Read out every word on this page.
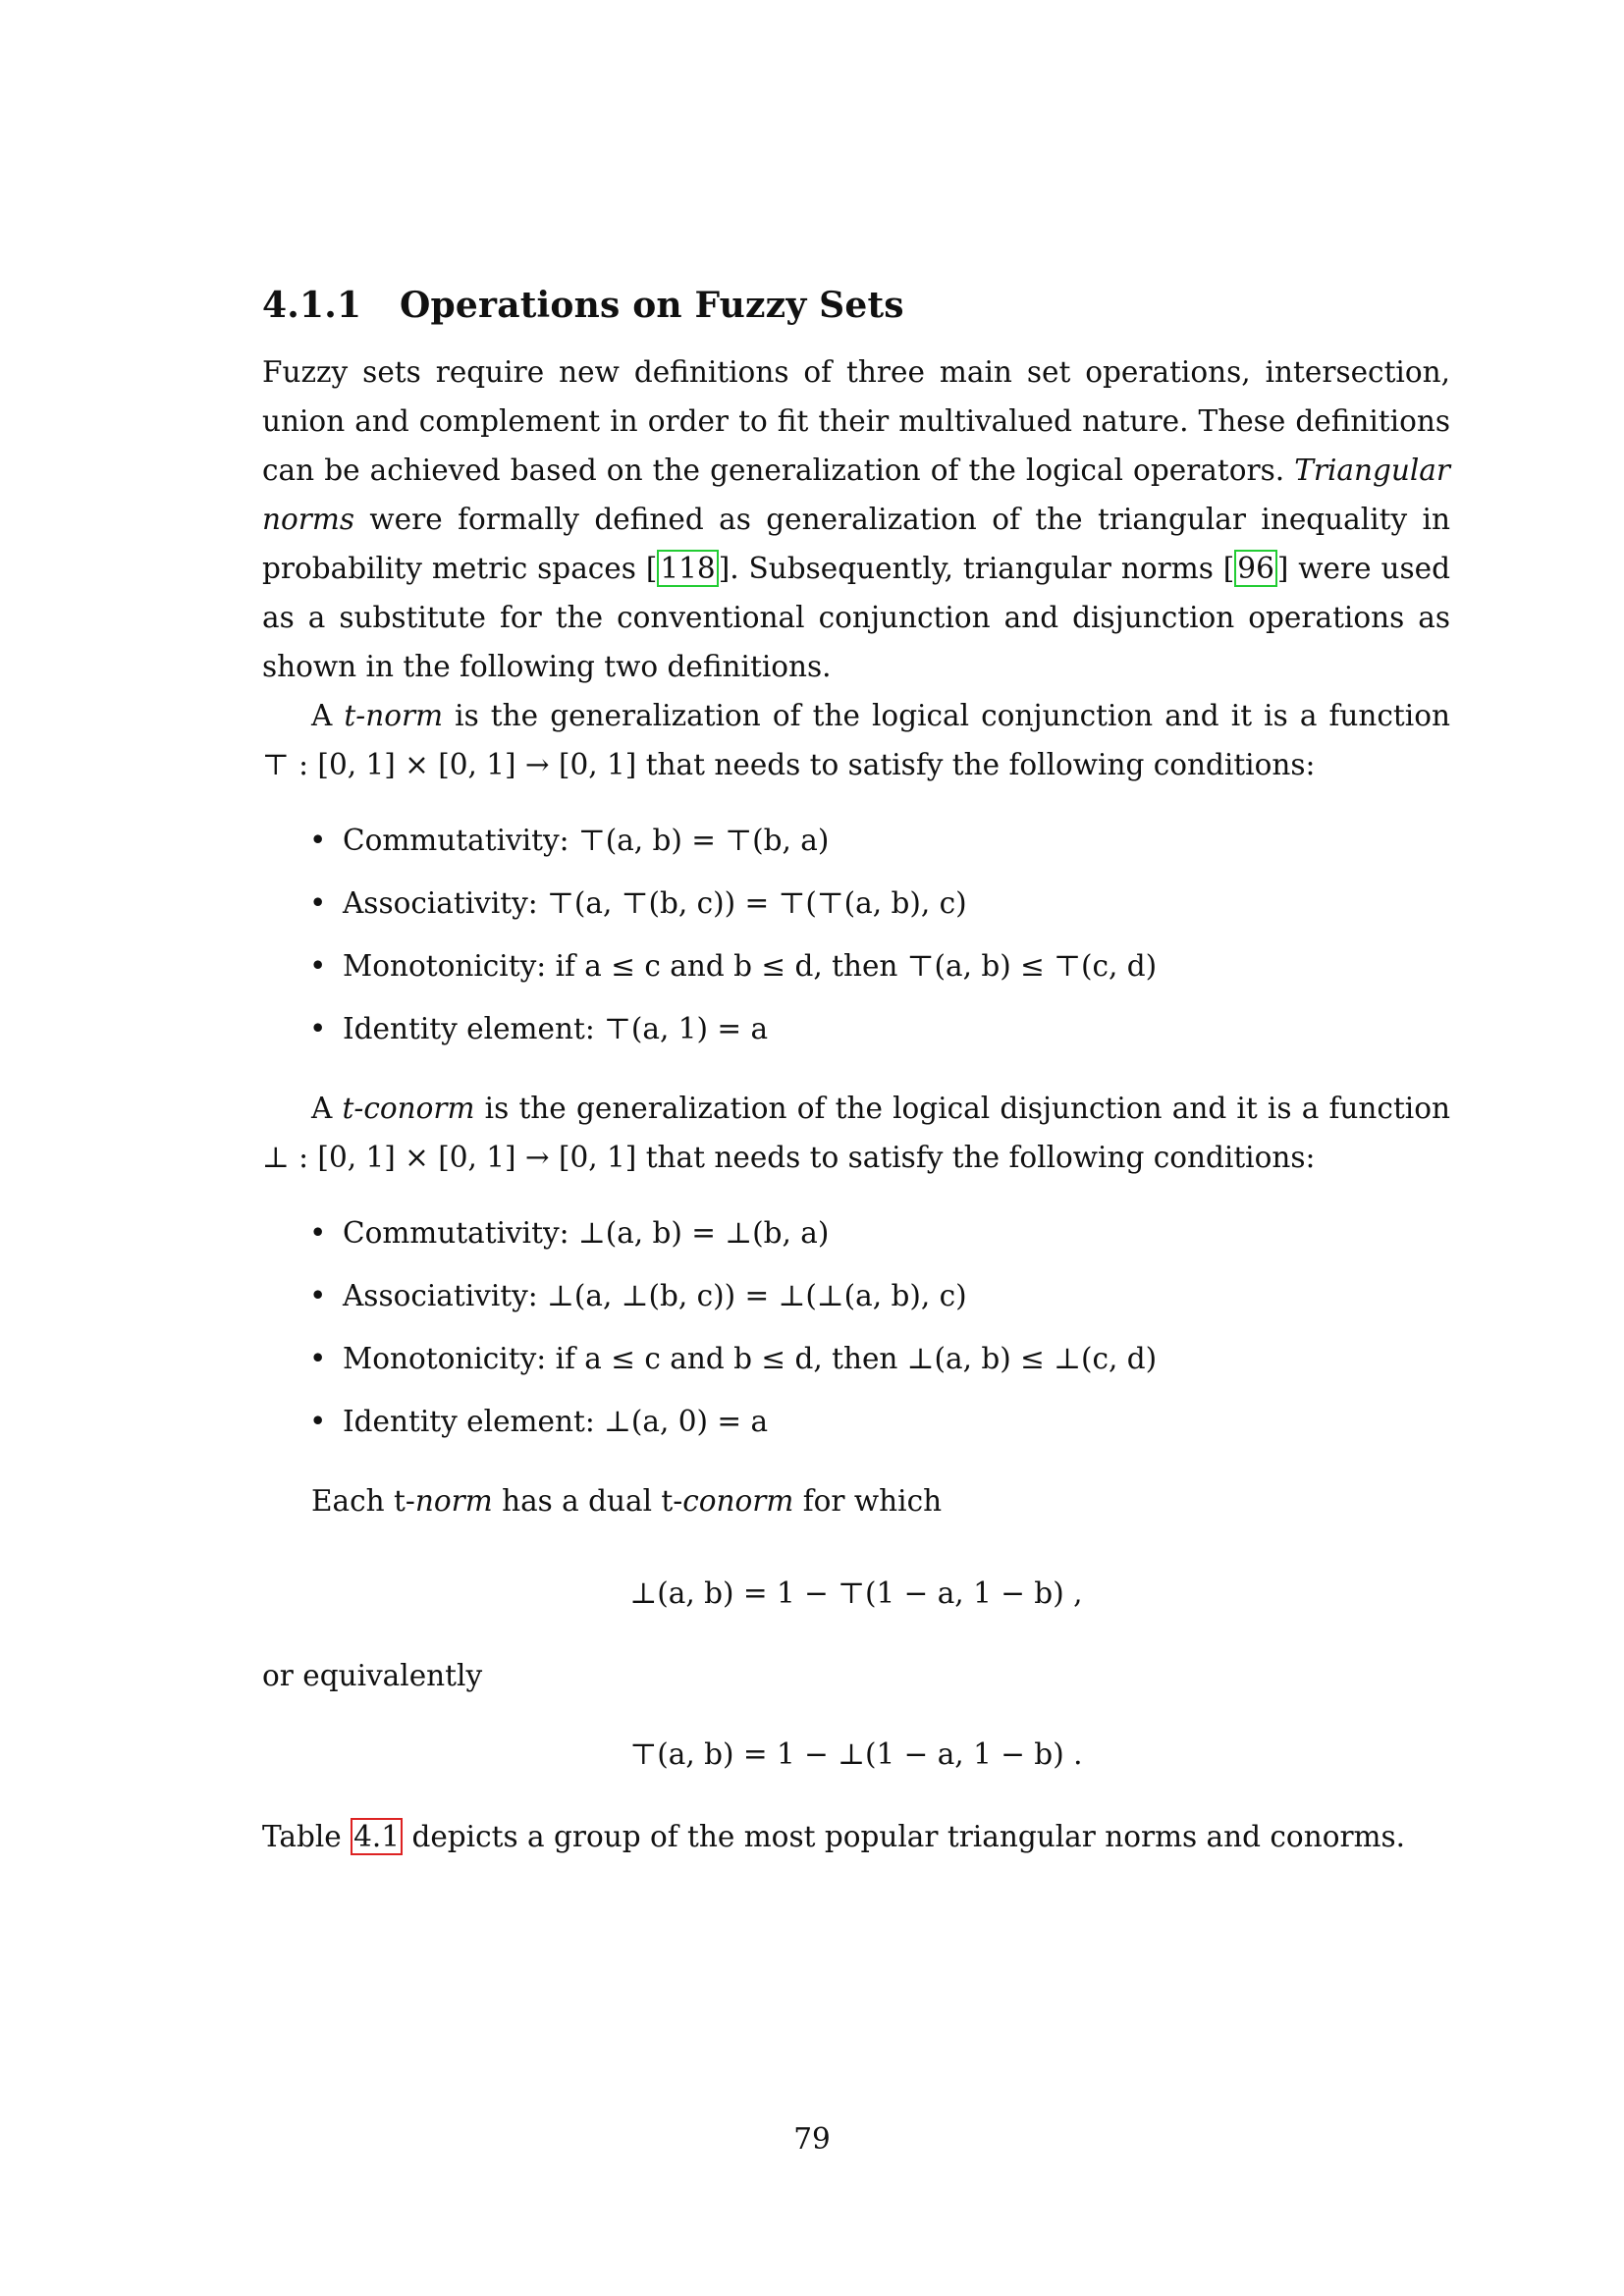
4.1.1 Operations on Fuzzy Sets

Fuzzy sets require new definitions of three main set operations, intersection, union and complement in order to fit their multivalued nature. These definitions can be achieved based on the generalization of the logical operators. Triangular norms were formally defined as generalization of the triangular inequality in probability metric spaces [ 118 ]. Subsequently, triangular norms [ 96 ] were used as a substitute for the conventional conjunction and disjunction operations as shown in the following two definitions.

A t-norm is the generalization of the logical conjunction and it is a function ⊤ : [0, 1] × [0, 1] → [0, 1] that needs to satisfy the following conditions:

• Commutativity: ⊤(a, b) = ⊤(b, a)
• Associativity: ⊤(a, ⊤(b, c)) = ⊤(⊤(a, b), c)
• Monotonicity: if a ≤ c and b ≤ d, then ⊤(a, b) ≤ ⊤(c, d)
• Identity element: ⊤(a, 1) = a

A t-conorm is the generalization of the logical disjunction and it is a function ⊥ : [0, 1] × [0, 1] → [0, 1] that needs to satisfy the following conditions:

• Commutativity: ⊥(a, b) = ⊥(b, a)
• Associativity: ⊥(a, ⊥(b, c)) = ⊥(⊥(a, b), c)
• Monotonicity: if a ≤ c and b ≤ d, then ⊥(a, b) ≤ ⊥(c, d)
• Identity element: ⊥(a, 0) = a

Each t-norm has a dual t-conorm for which

⊥(a, b) = 1 − ⊤(1 − a, 1 − b) ,

or equivalently

⊤(a, b) = 1 − ⊥(1 − a, 1 − b) .

Table 4.1 depicts a group of the most popular triangular norms and conorms.

79
